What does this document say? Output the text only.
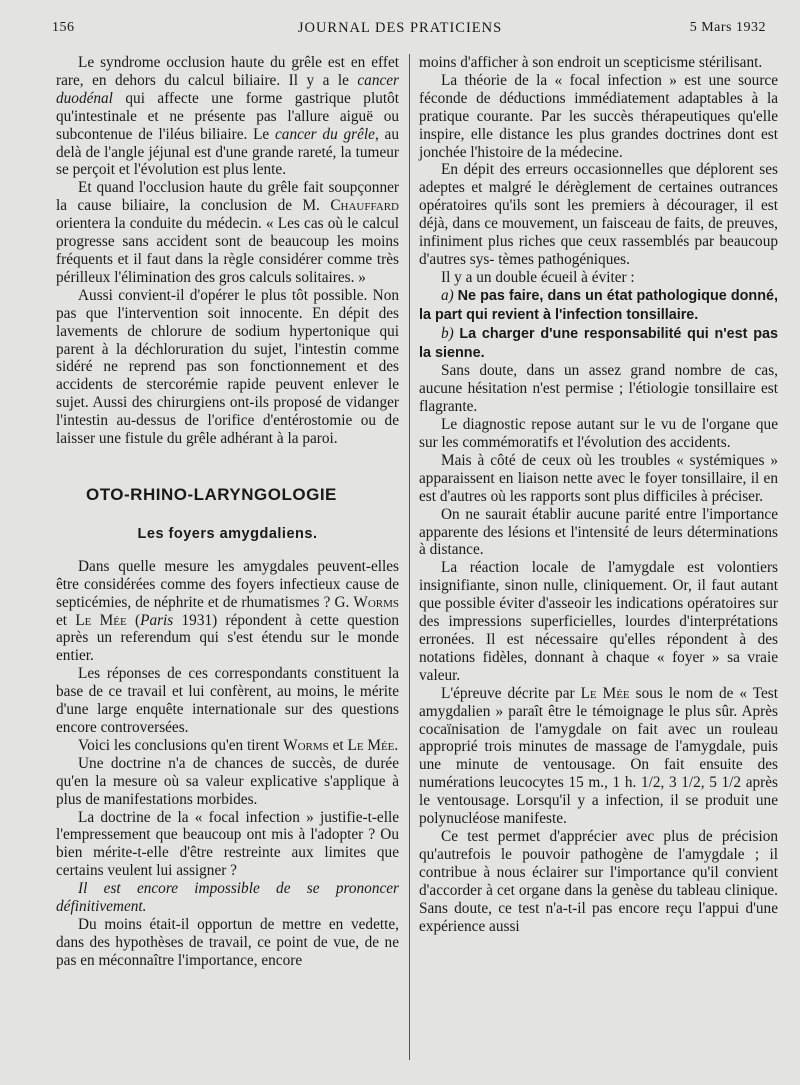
156	JOURNAL DES PRATICIENS	5 Mars 1932

Le syndrome occlusion haute du grêle est en effet rare, en dehors du calcul biliaire. Il y a le cancer duodénal qui affecte une forme gastrique plutôt qu'intestinale et ne présente pas l'allure aiguë ou subcontenue de l'iléus biliaire. Le cancer du grêle, au delà de l'angle jéjunal est d'une grande rareté, la tumeur se perçoit et l'évolution est plus lente.

Et quand l'occlusion haute du grêle fait soupçonner la cause biliaire, la conclusion de M. Chauffard orientera la conduite du médecin. « Les cas où le calcul progresse sans accident sont de beaucoup les moins fréquents et il faut dans la règle considérer comme très périlleux l'élimination des gros calculs solitaires. »

Aussi convient-il d'opérer le plus tôt possible. Non pas que l'intervention soit innocente. En dépit des lavements de chlorure de sodium hypertonique qui parent à la déchloruration du sujet, l'intestin comme sidéré ne reprend pas son fonctionnement et des accidents de stercorémie rapide peuvent enlever le sujet. Aussi des chirurgiens ont-ils proposé de vidanger l'intestin au-dessus de l'orifice d'entérostomie ou de laisser une fistule du grêle adhérant à la paroi.

OTO-RHINO-LARYNGOLOGIE
Les foyers amygdaliens.

Dans quelle mesure les amygdales peuvent-elles être considérées comme des foyers infectieux cause de septicémies, de néphrite et de rhumatismes ? G. Worms et Le Mée (Paris 1931) répondent à cette question après un referendum qui s'est étendu sur le monde entier.

Les réponses de ces correspondants constituent la base de ce travail et lui confèrent, au moins, le mérite d'une large enquête internationale sur des questions encore controversées.

Voici les conclusions qu'en tirent Worms et Le Mée.

Une doctrine n'a de chances de succès, de durée qu'en la mesure où sa valeur explicative s'applique à plus de manifestations morbides.

La doctrine de la « focal infection » justifie-t-elle l'empressement que beaucoup ont mis à l'adopter ? Ou bien mérite-t-elle d'être restreinte aux limites que certains veulent lui assigner ?

Il est encore impossible de se prononcer définitivement.

Du moins était-il opportun de mettre en vedette, dans des hypothèses de travail, ce point de vue, de ne pas en méconnaître l'importance, encore

moins d'afficher à son endroit un scepticisme stérilisant.

La théorie de la « focal infection » est une source féconde de déductions immédiatement adaptables à la pratique courante. Par les succès thérapeutiques qu'elle inspire, elle distance les plus grandes doctrines dont est jonchée l'histoire de la médecine.

En dépit des erreurs occasionnelles que déplorent ses adeptes et malgré le dérèglement de certaines outrances opératoires qu'ils sont les premiers à décourager, il est déjà, dans ce mouvement, un faisceau de faits, de preuves, infiniment plus riches que ceux rassemblés par beaucoup d'autres sys- tèmes pathogéniques.

Il y a un double écueil à éviter :

a) Ne pas faire, dans un état pathologique donné, la part qui revient à l'infection tonsillaire.

b) La charger d'une responsabilité qui n'est pas la sienne.

Sans doute, dans un assez grand nombre de cas, aucune hésitation n'est permise ; l'étiologie tonsillaire est flagrante.

Le diagnostic repose autant sur le vu de l'organe que sur les commémoratifs et l'évolution des accidents.

Mais à côté de ceux où les troubles « systémiques » apparaissent en liaison nette avec le foyer tonsillaire, il en est d'autres où les rapports sont plus difficiles à préciser.

On ne saurait établir aucune parité entre l'importance apparente des lésions et l'intensité de leurs déterminations à distance.

La réaction locale de l'amygdale est volontiers insignifiante, sinon nulle, cliniquement. Or, il faut autant que possible éviter d'asseoir les indications opératoires sur des impressions superficielles, lourdes d'interprétations erronées. Il est nécessaire qu'elles répondent à des notations fidèles, donnant à chaque « foyer » sa vraie valeur.

L'épreuve décrite par Le Mée sous le nom de « Test amygdalien » paraît être le témoignage le plus sûr. Après cocaïnisation de l'amygdale on fait avec un rouleau approprié trois minutes de massage de l'amygdale, puis une minute de ventousage. On fait ensuite des numérations leucocytes 15 m., 1 h. 1/2, 3 1/2, 5 1/2 après le ventousage. Lorsqu'il y a infection, il se produit une polynucléose manifeste.

Ce test permet d'apprécier avec plus de précision qu'autrefois le pouvoir pathogène de l'amygdale ; il contribue à nous éclairer sur l'importance qu'il convient d'accorder à cet organe dans la genèse du tableau clinique. Sans doute, ce test n'a-t-il pas encore reçu l'appui d'une expérience aussi
